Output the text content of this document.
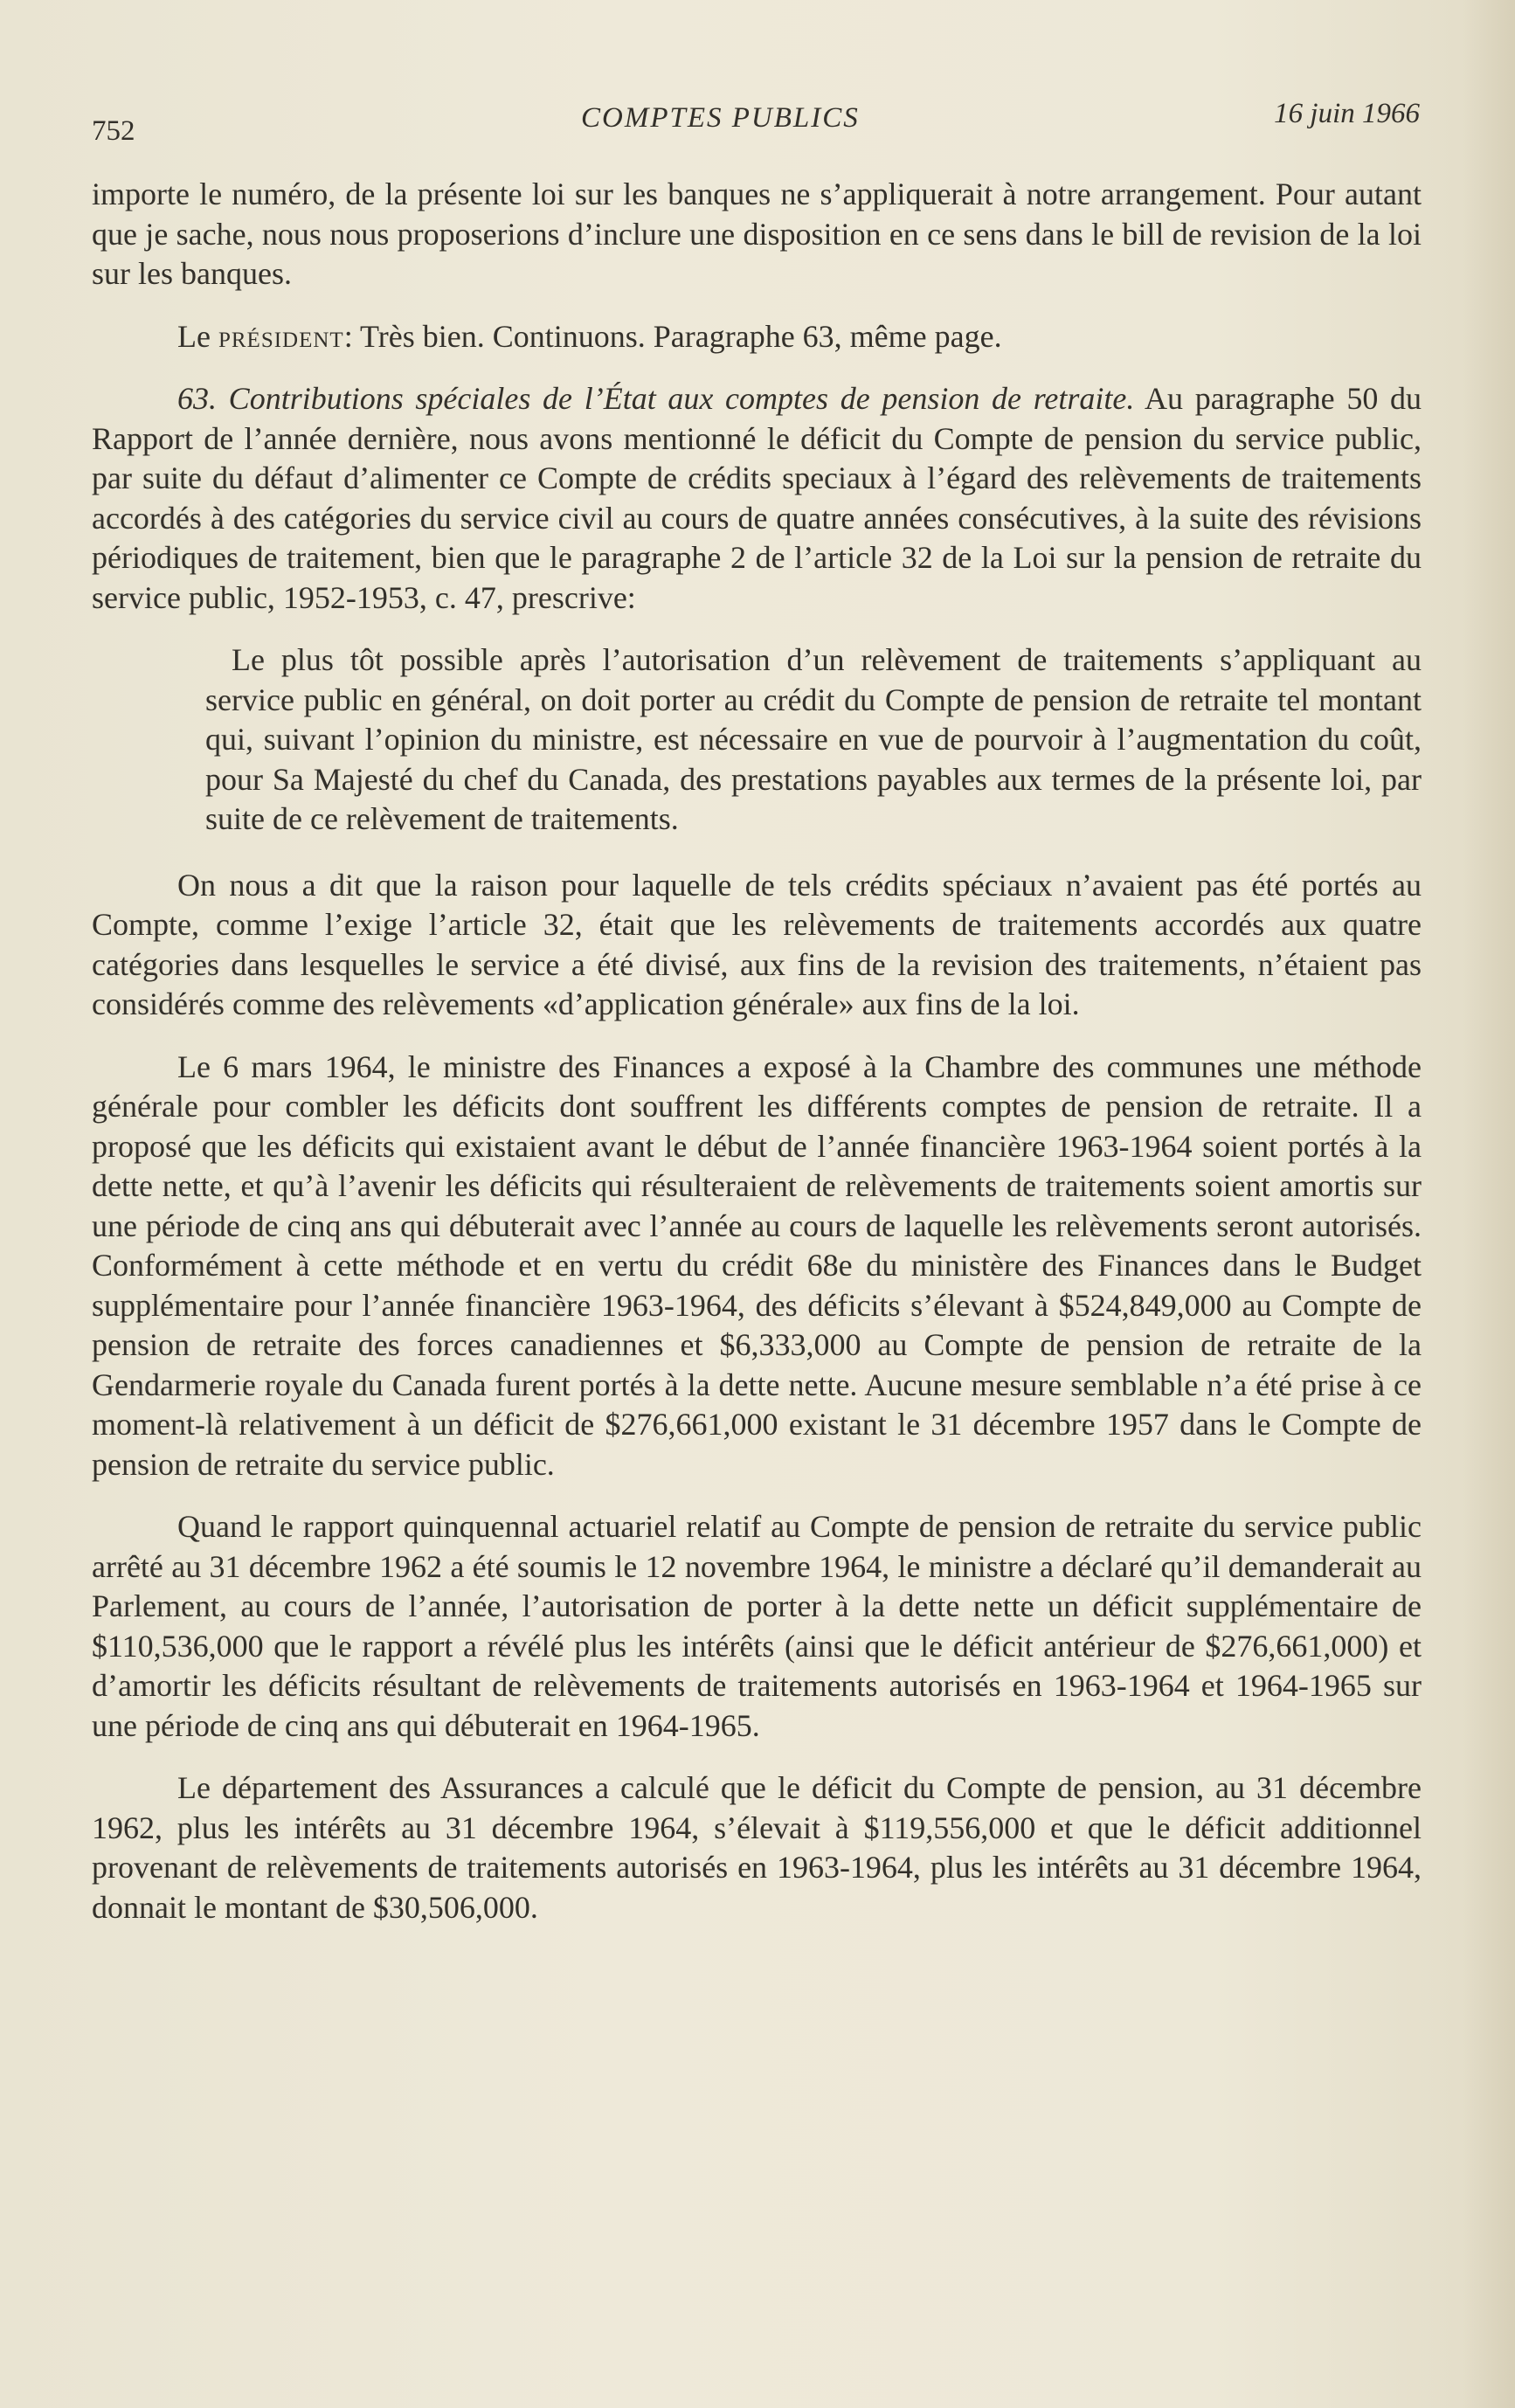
752	COMPTES PUBLICS	16 juin 1966

importe le numéro, de la présente loi sur les banques ne s’appliquerait à notre arrangement. Pour autant que je sache, nous nous proposerions d’inclure une disposition en ce sens dans le bill de revision de la loi sur les banques.

Le président: Très bien. Continuons. Paragraphe 63, même page.

63. Contributions spéciales de l’État aux comptes de pension de retraite. Au paragraphe 50 du Rapport de l’année dernière, nous avons mentionné le déficit du Compte de pension du service public, par suite du défaut d’alimenter ce Compte de crédits speciaux à l’égard des relèvements de traitements accordés à des catégories du service civil au cours de quatre années consécutives, à la suite des révisions périodiques de traitement, bien que le paragraphe 2 de l’article 32 de la Loi sur la pension de retraite du service public, 1952-1953, c. 47, prescrive:

Le plus tôt possible après l’autorisation d’un relèvement de traitements s’appliquant au service public en général, on doit porter au crédit du Compte de pension de retraite tel montant qui, suivant l’opinion du ministre, est nécessaire en vue de pourvoir à l’augmentation du coût, pour Sa Majesté du chef du Canada, des prestations payables aux termes de la présente loi, par suite de ce relèvement de traitements.

On nous a dit que la raison pour laquelle de tels crédits spéciaux n’avaient pas été portés au Compte, comme l’exige l’article 32, était que les relèvements de traitements accordés aux quatre catégories dans lesquelles le service a été divisé, aux fins de la revision des traitements, n’étaient pas considérés comme des relèvements «d’application générale» aux fins de la loi.

Le 6 mars 1964, le ministre des Finances a exposé à la Chambre des communes une méthode générale pour combler les déficits dont souffrent les différents comptes de pension de retraite. Il a proposé que les déficits qui existaient avant le début de l’année financière 1963-1964 soient portés à la dette nette, et qu’à l’avenir les déficits qui résulteraient de relèvements de traitements soient amortis sur une période de cinq ans qui débuterait avec l’année au cours de laquelle les relèvements seront autorisés. Conformément à cette méthode et en vertu du crédit 68e du ministère des Finances dans le Budget supplémentaire pour l’année financière 1963-1964, des déficits s’élevant à $524,849,000 au Compte de pension de retraite des forces canadiennes et $6,333,000 au Compte de pension de retraite de la Gendarmerie royale du Canada furent portés à la dette nette. Aucune mesure semblable n’a été prise à ce moment-là relativement à un déficit de $276,661,000 existant le 31 décembre 1957 dans le Compte de pension de retraite du service public.

Quand le rapport quinquennal actuariel relatif au Compte de pension de retraite du service public arrêté au 31 décembre 1962 a été soumis le 12 novembre 1964, le ministre a déclaré qu’il demanderait au Parlement, au cours de l’année, l’autorisation de porter à la dette nette un déficit supplémentaire de $110,536,000 que le rapport a révélé plus les intérêts (ainsi que le déficit antérieur de $276,661,000) et d’amortir les déficits résultant de relèvements de traitements autorisés en 1963-1964 et 1964-1965 sur une période de cinq ans qui débuterait en 1964-1965.

Le département des Assurances a calculé que le déficit du Compte de pension, au 31 décembre 1962, plus les intérêts au 31 décembre 1964, s’élevait à $119,556,000 et que le déficit additionnel provenant de relèvements de traitements autorisés en 1963-1964, plus les intérêts au 31 décembre 1964, donnait le montant de $30,506,000.
